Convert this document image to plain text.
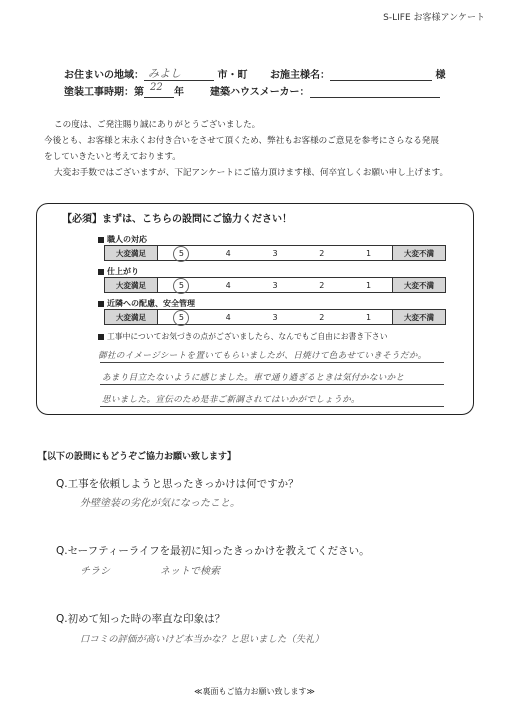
S-LIFE お客様アンケート
お住まいの地域： みよし	市・町 お施主様名：	様
塗装工事時期：第 22 年	建築ハウスメーカー：

この度は、ご発注賜り誠にありがとうございました。

今後とも、お客様と末永くお付き合いをさせて頂くため、弊社もお客様のご意見を参考にさらなる発展

をしていきたいと考えております。

大変お手数ではございますが、下記アンケートにご協力頂けます様、何卒宜しくお願い申し上げます。

【必須】まずは、こちらの設問にご協力ください！
職人の対応
大変満足	5	4	3	2	1	大変不満
仕上がり
大変満足	5	4	3	2	1	大変不満
近隣への配慮、安全管理
大変満足	5	4	3	2	1	大変不満
工事中についてお気づきの点がございましたら、なんでもご自由にお書き下さい
御社のイメージシートを置いてもらいましたが、日焼けて色あせていきそうだか。
あまり目立たないように感じました。車で通り過ぎるときは気付かないかと
思いました。宣伝のため是非ご新調されてはいかがでしょうか。
【以下の設問にもどうぞご協力お願い致します】
Q.工事を依頼しようと思ったきっかけは何ですか？
外壁塗装の劣化が気になったこと。
Q.セーフティーライフを最初に知ったきっかけを教えてください。
チラシ	ネットで検索
Q.初めて知った時の率直な印象は？
口コミの評価が高いけど本当かな？と思いました（失礼）
≪裏面もご協力お願い致します≫
